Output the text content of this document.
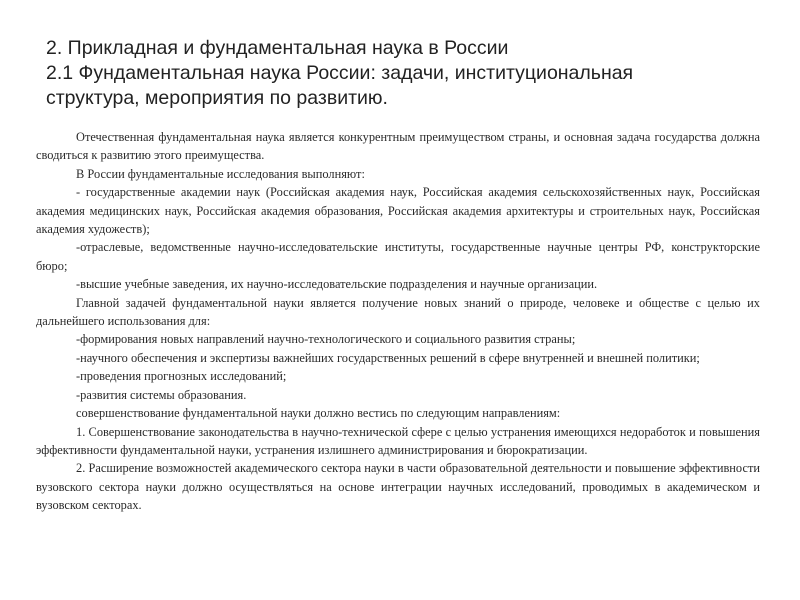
2. Прикладная и фундаментальная наука в России
2.1 Фундаментальная наука России: задачи, институциональная
структура, мероприятия по развитию.

Отечественная фундаментальная наука является конкурентным преимуществом страны, и основная задача государства должна сводиться к развитию этого преимущества.

В России фундаментальные исследования выполняют:

- государственные академии наук (Российская академия наук, Российская академия сельскохозяйственных наук, Российская академия медицинских наук, Российская академия образования, Российская академия архитектуры и строительных наук, Российская академия художеств);

-отраслевые, ведомственные научно-исследовательские институты, государственные научные центры РФ, конструкторские бюро;

-высшие учебные заведения, их научно-исследовательские подразделения и научные организации.

Главной задачей фундаментальной науки является получение новых знаний о природе, человеке и обществе с целью их дальнейшего использования для:

-формирования новых направлений научно-технологического и социального развития страны;

-научного обеспечения и экспертизы важнейших государственных решений в сфере внутренней и внешней политики;

-проведения прогнозных исследований;

-развития системы образования.

совершенствование фундаментальной науки должно вестись по следующим направлениям:

1. Совершенствование законодательства в научно-технической сфере с целью устранения имеющихся недоработок и повышения эффективности фундаментальной науки, устранения излишнего администрирования и бюрократизации.

2. Расширение возможностей академического сектора науки в части образовательной деятельности и повышение эффективности вузовского сектора науки должно осуществляться на основе интеграции научных исследований, проводимых в академическом и вузовском секторах.
